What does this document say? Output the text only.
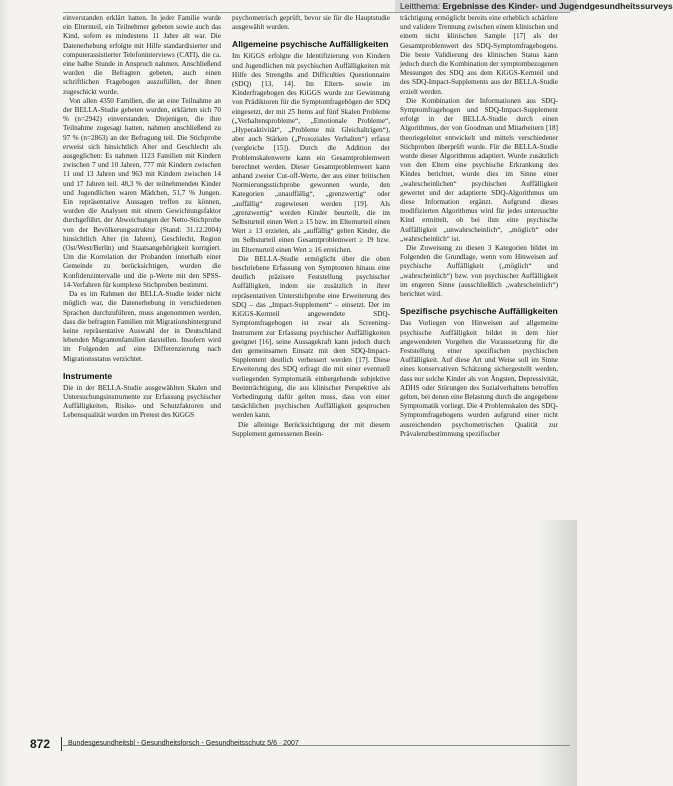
Leitthema: Ergebnisse des Kinder- und Jugendgesundheitssurveys

einverstanden erklärt hatten. In jeder Familie wurde ein Elternteil, ein Teilnehmer gebeten sowie auch das Kind, sofern es mindestens 11 Jahre alt war. Die Datenerhebung erfolgte mit Hilfe standardisierter und computerassistierter Telefoninterviews (CATI), die ca. eine halbe Stunde in Anspruch nahmen. Anschließend wurden die Befragten gebeten, auch einen schriftlichen Fragebogen auszufüllen, der ihnen zugeschickt wurde.

Von allen 4350 Familien, die an eine Teilnahme an der BELLA-Studie gebeten wurden, erklärten sich 70 % (n=2942) einverstanden. Diejenigen, die ihre Teilnahme zugesagt hatten, nahmen anschließend zu 97 % (n=2863) an der Befragung teil. Die Stichprobe erweist sich hinsichtlich Alter und Geschlecht als ausgeglichen: Es nahmen 1123 Familien mit Kindern zwischen 7 und 10 Jahren, 777 mit Kindern zwischen 11 und 13 Jahren und 963 mit Kindern zwischen 14 und 17 Jahren teil. 48,3 % der teilnehmenden Kinder und Jugendlichen waren Mädchen, 51,7 % Jungen. Ein repräsentative Aussagen treffen zu können, wurden die Analysen mit einem Gewichtungsfaktor durchgeführt, der Abweichungen der Netto-Stichprobe von der Bevölkerungsstruktur (Stand: 31.12.2004) hinsichtlich Alter (in Jahren), Geschlecht, Region (Ost/West/Berlin) und Staatsangehörigkeit korrigiert. Um die Korrelation der Probanden innerhalb einer Gemeinde zu berücksichtigen, wurden die Konfidenzintervalle und die p-Werte mit den SPSS-14-Verfahren für komplexe Stichproben bestimmt.

Da es im Rahmen der BELLA-Studie leider nicht möglich war, die Datenerhebung in verschiedenen Sprachen durchzuführen, muss angenommen werden, dass die befragten Familien mit Migrationshintergrund keine repräsentative Auswahl der in Deutschland lebenden Migrantenfamilien darstellen. Insofern wird im Folgenden auf eine Differenzierung nach Migrationsstatus verzichtet.

Instrumente

Die in der BELLA-Studie ausgewählten Skalen und Untersuchungsinstrumente zur Erfassung psychischer Auffälligkeiten, Risiko- und Schutzfaktoren und Lebensqualität wurden im Pretest des KiGGS

psychometrisch geprüft, bevor sie für die Hauptstudie ausgewählt wurden.

Allgemeine psychische Auffälligkeiten

Im KiGGS erfolgte die Identifizierung von Kindern und Jugendlichen mit psychischen Auffälligkeiten mit Hilfe des Strengths and Difficulties Questionnaire (SDQ) [13, 14]. Im Eltern- sowie im Kinderfragebogen des KiGGS wurde zur Gewinnung von Prädiktoren für die Symptomfragebögen der SDQ eingesetzt, der mit 25 Items auf fünf Skalen Probleme („Verhaltensprobleme“, „Emotionale Probleme“, „Hyperaktivität“, „Probleme mit Gleichaltrigen“), aber auch Stärken („Prosoziales Verhalten“) erfasst (vergleiche [15]). Durch die Addition der Problemskalenwerte kann ein Gesamtproblemwert berechnet werden. Dieser Gesamtproblemwert kann anhand zweier Cut-off-Werte, der aus einer britischen Normierungsstichprobe gewonnen wurde, den Kategorien „unauffällig“, „grenzwertig“ oder „auffällig“ zugewiesen werden [19]. Als „grenzwertig“ werden Kinder beurteilt, die im Selbsturteil einen Wert ≥ 15 bzw. im Elternurteil einen Wert ≥ 13 erzielen, als „auffällig“ gelten Kinder, die im Selbsturteil einen Gesamtproblemwert ≥ 19 bzw. im Elternurteil einen Wert ≥ 16 erreichen.

Die BELLA-Studie ermöglicht über die oben beschriebene Erfassung von Symptomen hinaus eine deutlich präzisere Feststellung psychischer Auffälligkeit, indem sie zusätzlich in ihrer repräsentativen Unterstichprobe eine Erweiterung des SDQ – das „Impact-Supplement“ – einsetzt. Der im KiGGS-Kernteil angewendete SDQ-Symptomfragebogen ist zwar als Screening-Instrument zur Erfassung psychischer Auffälligkeiten geeignet [16], seine Aussagekraft kann jedoch durch den gemeinsamen Einsatz mit dem SDQ-Impact-Supplement deutlich verbessert werden [17]. Diese Erweiterung des SDQ erfragt die mit einer eventuell vorliegenden Symptomatik einhergehende subjektive Beeinträchtigung, die aus klinischer Perspektive als Vorbedingung dafür gelten muss, dass von einer tatsächlichen psychischen Auffälligkeit gesprochen werden kann.

Die alleinige Berücksichtigung der mit diesem Supplement gemessenen Beein-

trächtigung ermöglicht bereits eine erheblich schärfere und validere Trennung zwischen einem klinischen und einem nicht klinischen Sample [17] als der Gesamtproblemwert des SDQ-Symptomfragebogens. Die beste Validierung des klinischen Status kann jedoch durch die Kombination der symptombezogenen Messungen des SDQ aus dem KiGGS-Kernteil und des SDQ-Impact-Supplements aus der BELLA-Studie erzielt werden.

Die Kombination der Informationen aus SDQ-Symptomfragebogen und SDQ-Impact-Supplement erfolgt in der BELLA-Studie durch einen Algorithmus, der von Goodman und Mitarbeitern [18] theoriegeleitet entwickelt und mittels verschiedener Stichproben überprüft wurde. Für die BELLA-Studie wurde dieser Algorithmus adaptiert. Wurde zusätzlich von den Eltern eine psychische Erkrankung des Kindes berichtet, wurde dies im Sinne einer „wahrscheinlichen“ psychischen Auffälligkeit gewertet und der adaptierte SDQ-Algorithmus um diese Information ergänzt. Aufgrund dieses modifizierten Algorithmus wird für jedes untersuchte Kind ermittelt, ob bei ihm eine psychische Auffälligkeit „unwahrscheinlich“, „möglich“ oder „wahrscheinlich“ ist.

Die Zuweisung zu diesen 3 Kategorien bildet im Folgenden die Grundlage, wenn vom Hinweisen auf psychische Auffälligkeit („möglich“ und „wahrscheinlich“) bzw. von psychischer Auffälligkeit im engeren Sinne (ausschließlich „wahrscheinlich“) berichtet wird.

Spezifische psychische Auffälligkeiten

Das Vorliegen von Hinweisen auf allgemeine psychische Auffälligkeit bildet in dem hier angewendeten Vorgehen die Voraussetzung für die Feststellung einer spezifischen psychischen Auffälligkeit. Auf diese Art und Weise soll im Sinne eines konservativen Schätzung sichergestellt werden, dass nur solche Kinder als von Ängsten, Depressivität, ADHS oder Störungen des Sozialverhaltens betroffen gelten, bei denen eine Belastung durch die angegebene Symptomatik vorliegt. Die 4 Problemskalen des SDQ-Symptomfragebogens wurden aufgrund einer nicht ausreichenden psychometrischen Qualität zur Prävalenzbestimmung spezifischer

872	Bundesgesundheitsbl - Gesundheitsforsch - Gesundheitsschutz 5/6 · 2007
